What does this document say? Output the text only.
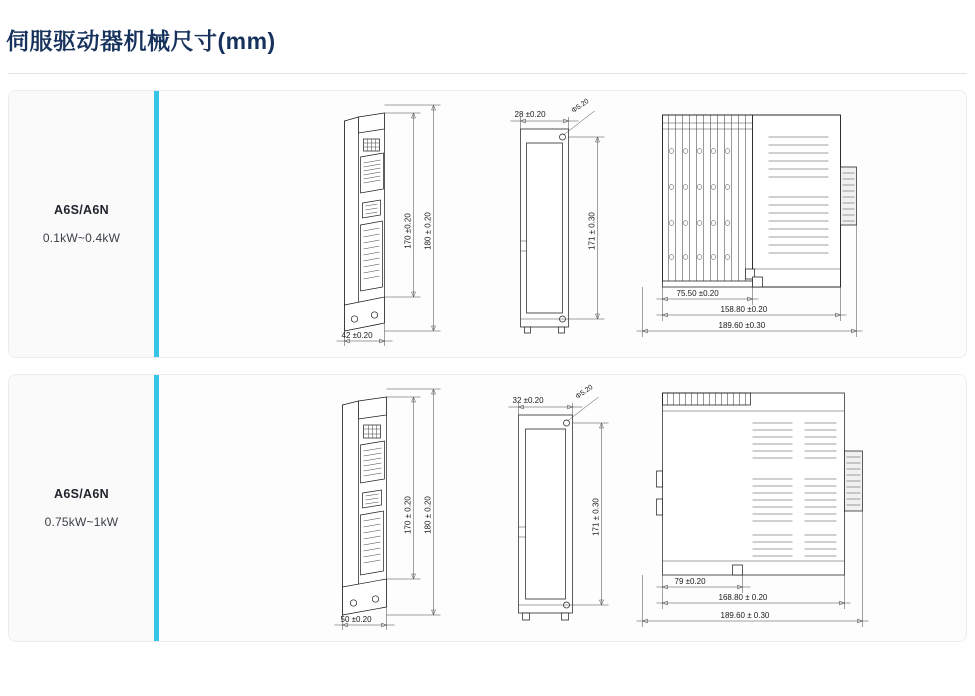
伺服驱动器机械尺寸(mm)
A6S/A6N
0.1kW~0.4kW
42 ±0.20
170 ±0.20 180 ± 0.20
28 ±0.20	Φ5.20
171 ± 0.30
75.50 ±0.20
158.80 ±0.20
189.60 ±0.30
A6S/A6N
0.75kW~1kW
50 ±0.20
170 ± 0.20 180 ± 0.20
32 ±0.20	Φ5.20
171 ± 0.30
79 ±0.20
168.80 ± 0.20
189.60 ± 0.30
